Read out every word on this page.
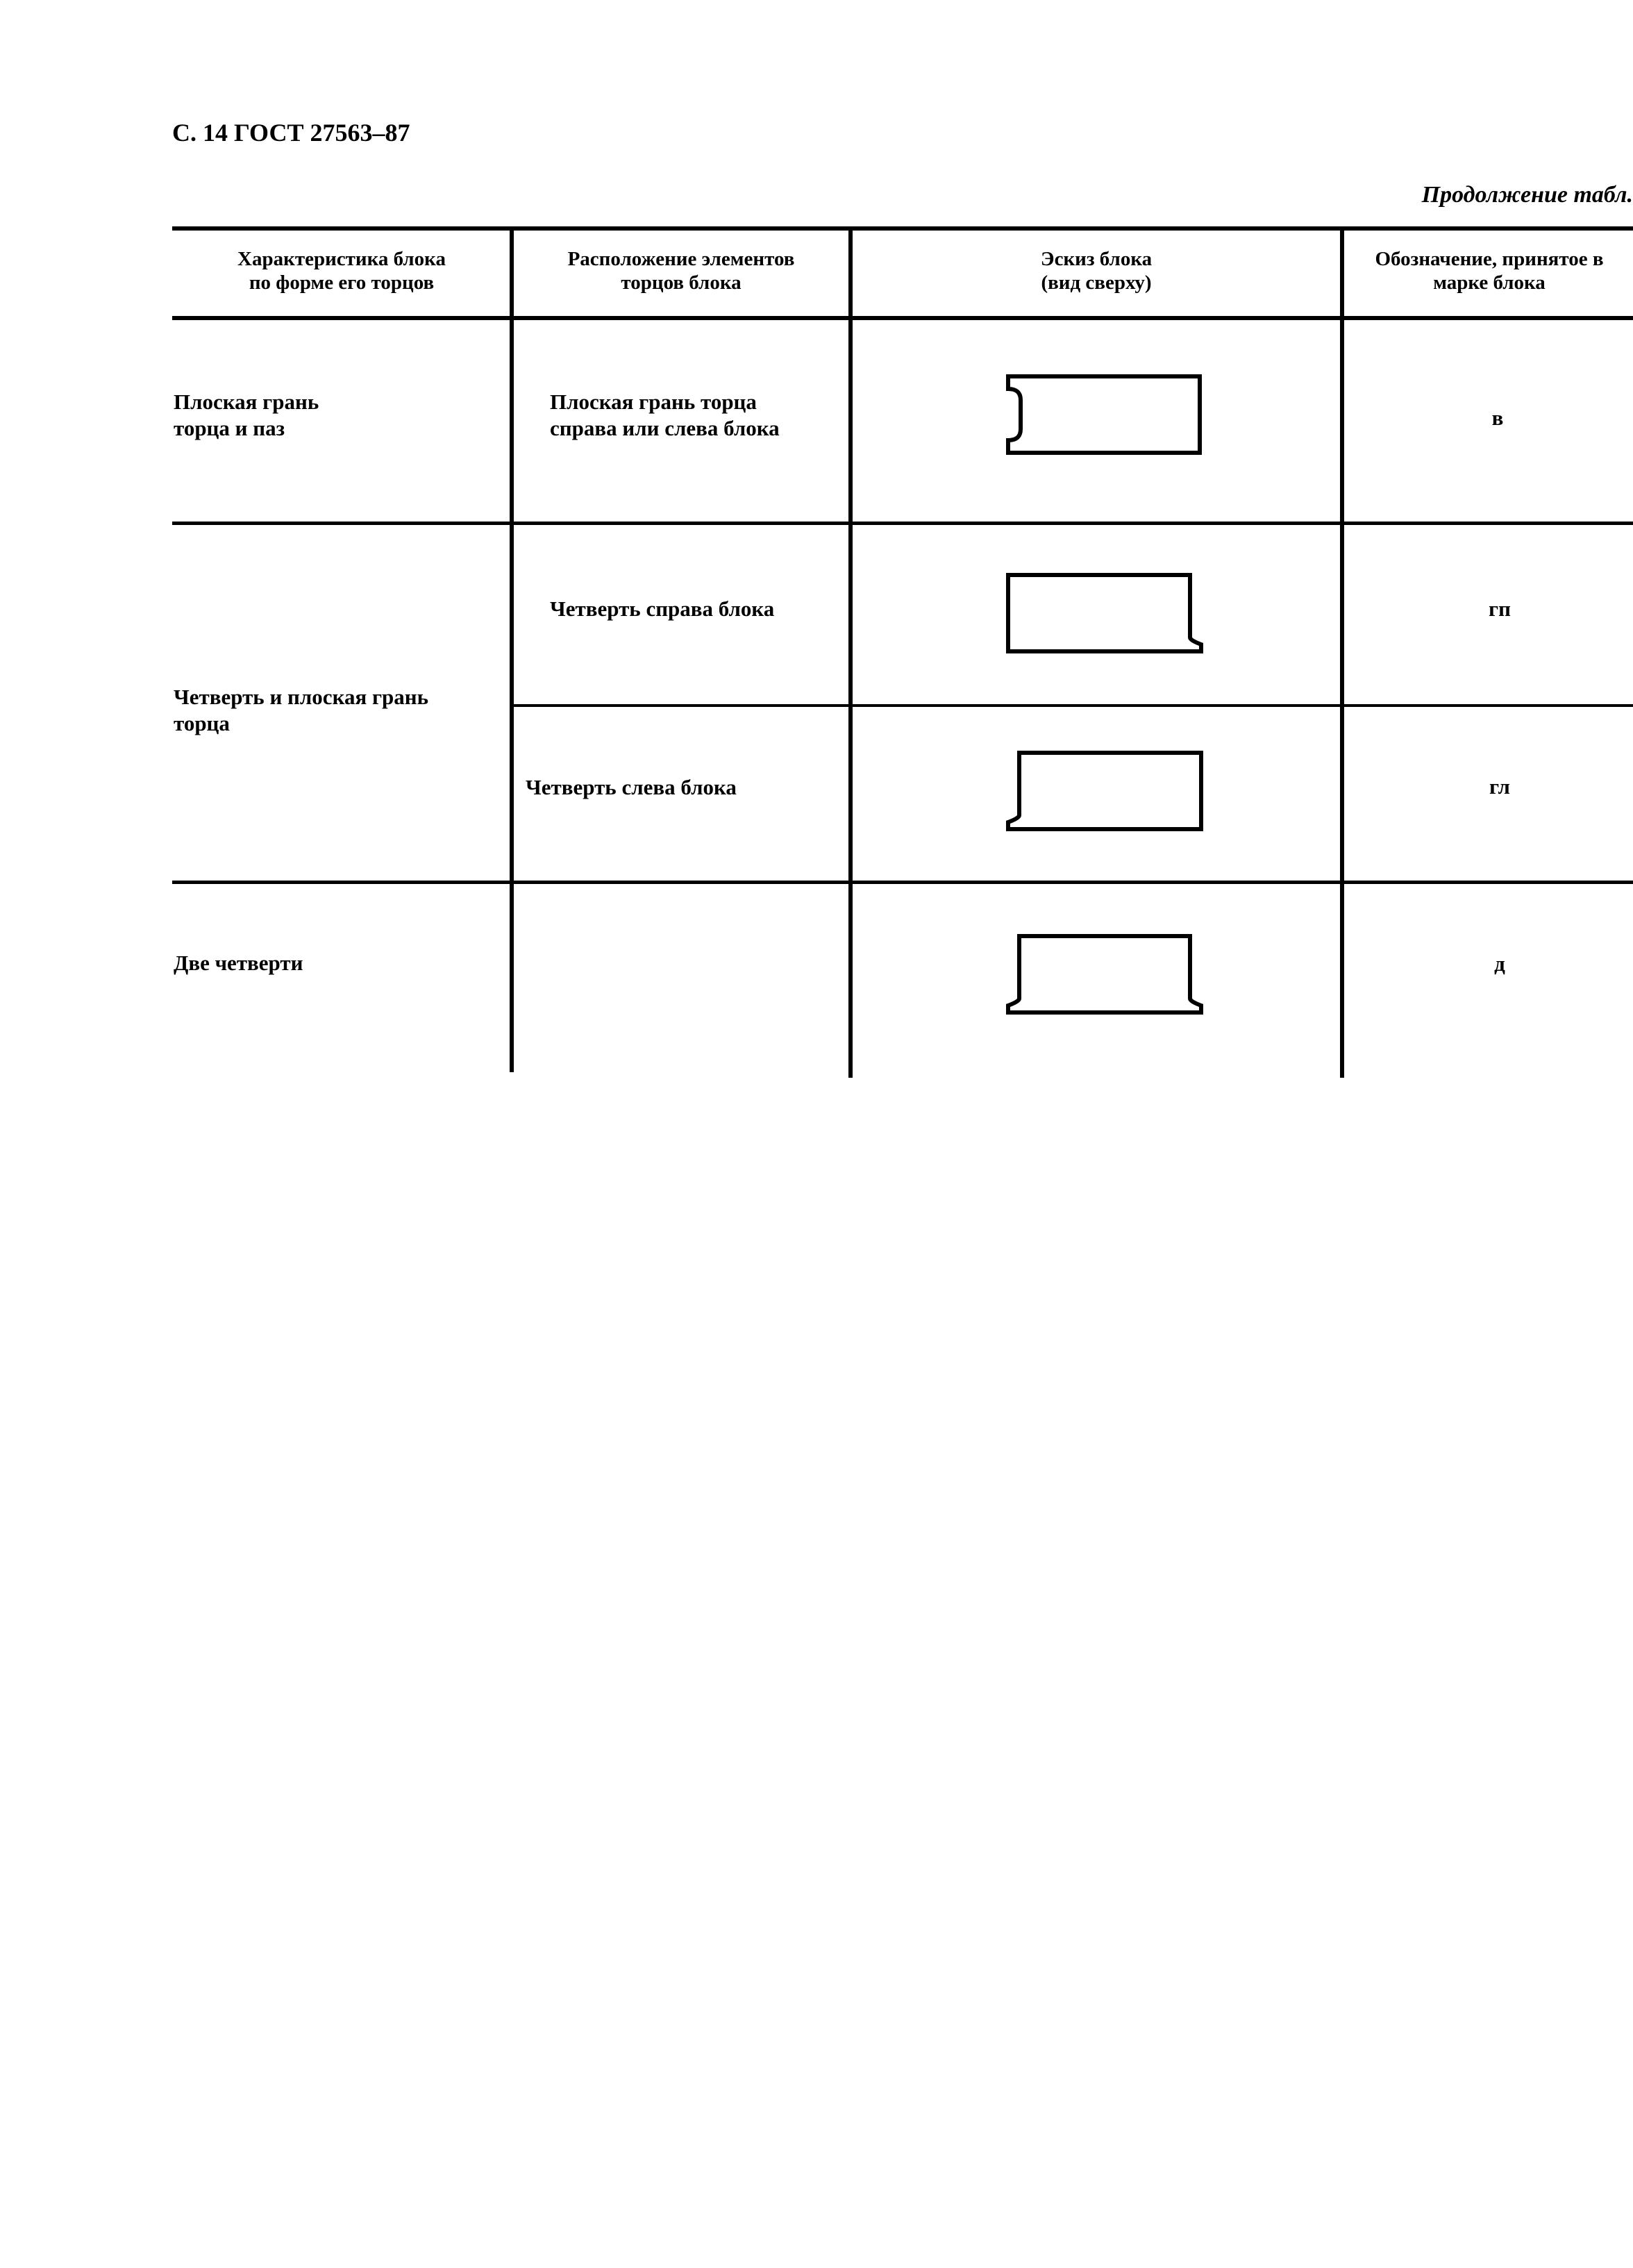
С. 14 ГОСТ 27563–87
Продолжение табл.
Характеристика блока
по форме его торцов
Расположение элементов
торцов блока
Эскиз блока
(вид сверху)
Обозначение, принятое в
марке блока
Плоская грань
торца и паз
Четверть и плоская грань
торца
Две четверти
Плоская грань торца
справа или слева блока
Четверть справа блока
Четверть слева блока
в
гп
гл
д
